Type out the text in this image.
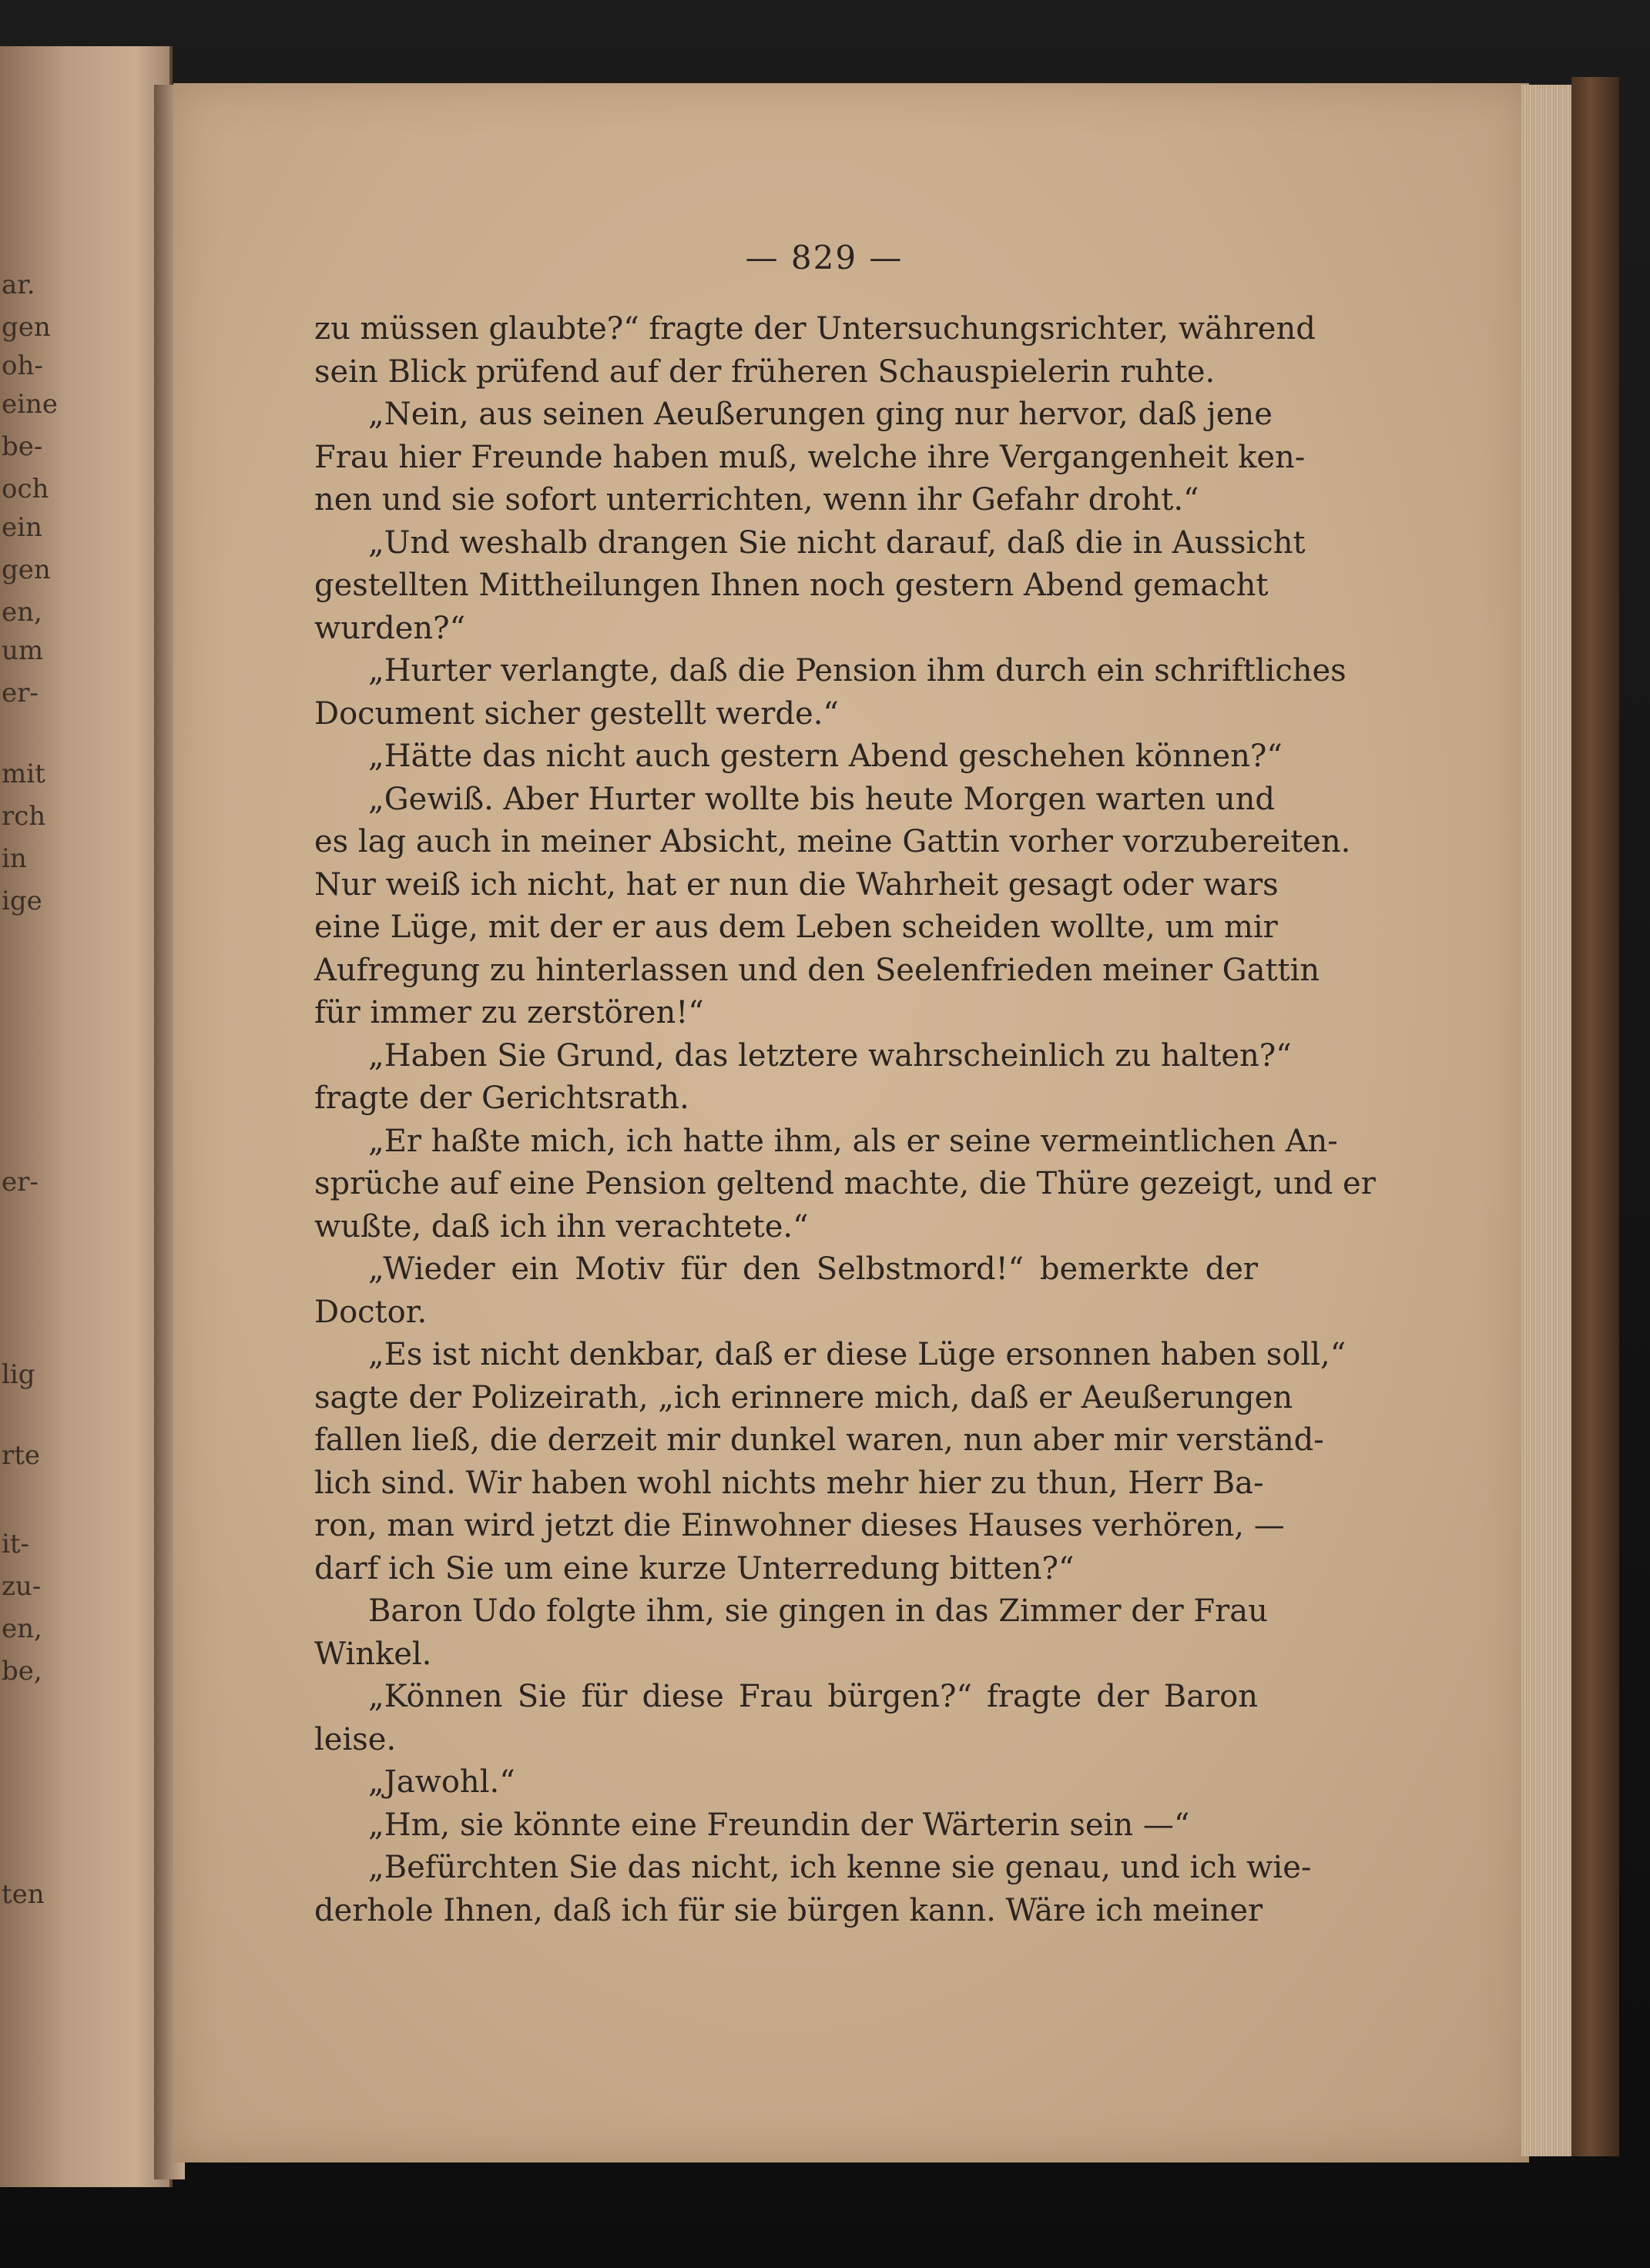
ar.
gen
oh-
eine
be-
och
ein
gen
en,
um
er-
mit
rch
in
ige
er-
lig
rte
it-
zu-
en,
be,
ten
— 829 —
zu müssen glaubte?“ fragte der Untersuchungsrichter, während
sein Blick prüfend auf der früheren Schauspielerin ruhte.
„Nein, aus seinen Aeußerungen ging nur hervor, daß jene
Frau hier Freunde haben muß, welche ihre Vergangenheit ken-
nen und sie sofort unterrichten, wenn ihr Gefahr droht.“
„Und weshalb drangen Sie nicht darauf, daß die in Aussicht
gestellten Mittheilungen Ihnen noch gestern Abend gemacht
wurden?“
„Hurter verlangte, daß die Pension ihm durch ein schriftliches
Document sicher gestellt werde.“
„Hätte das nicht auch gestern Abend geschehen können?“
„Gewiß. Aber Hurter wollte bis heute Morgen warten und
es lag auch in meiner Absicht, meine Gattin vorher vorzubereiten.
Nur weiß ich nicht, hat er nun die Wahrheit gesagt oder wars
eine Lüge, mit der er aus dem Leben scheiden wollte, um mir
Aufregung zu hinterlassen und den Seelenfrieden meiner Gattin
für immer zu zerstören!“
„Haben Sie Grund, das letztere wahrscheinlich zu halten?“
fragte der Gerichtsrath.
„Er haßte mich, ich hatte ihm, als er seine vermeintlichen An-
sprüche auf eine Pension geltend machte, die Thüre gezeigt, und er
wußte, daß ich ihn verachtete.“
„Wieder ein Motiv für den Selbstmord!“ bemerkte der
Doctor.
„Es ist nicht denkbar, daß er diese Lüge ersonnen haben soll,“
sagte der Polizeirath, „ich erinnere mich, daß er Aeußerungen
fallen ließ, die derzeit mir dunkel waren, nun aber mir verständ-
lich sind. Wir haben wohl nichts mehr hier zu thun, Herr Ba-
ron, man wird jetzt die Einwohner dieses Hauses verhören, —
darf ich Sie um eine kurze Unterredung bitten?“
Baron Udo folgte ihm, sie gingen in das Zimmer der Frau
Winkel.
„Können Sie für diese Frau bürgen?“ fragte der Baron
leise.
„Jawohl.“
„Hm, sie könnte eine Freundin der Wärterin sein —“
„Befürchten Sie das nicht, ich kenne sie genau, und ich wie-
derhole Ihnen, daß ich für sie bürgen kann. Wäre ich meiner
